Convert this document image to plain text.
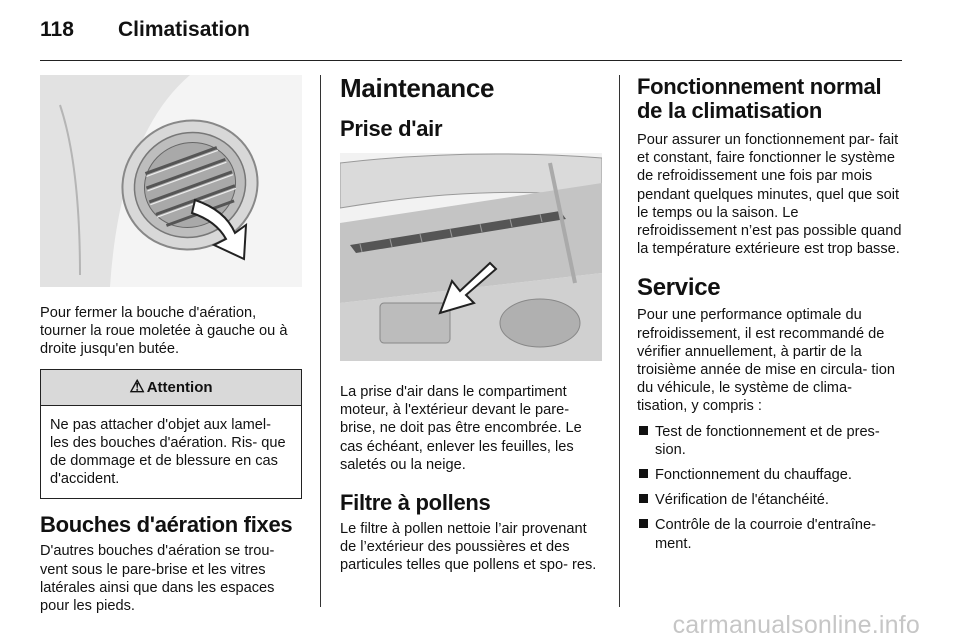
118 Climatisation

Pour fermer la bouche d'aération, tourner la roue moletée à gauche ou à droite jusqu'en butée.

⚠ Attention

Ne pas attacher d'objet aux lamel- les des bouches d'aération. Ris- que de dommage et de blessure en cas d'accident.

Bouches d'aération fixes

D'autres bouches d'aération se trou- vent sous le pare-brise et les vitres latérales ainsi que dans les espaces pour les pieds.

Maintenance
Prise d'air

La prise d'air dans le compartiment moteur, à l'extérieur devant le pare- brise, ne doit pas être encombrée. Le cas échéant, enlever les feuilles, les saletés ou la neige.

Filtre à pollens

Le filtre à pollen nettoie l’air provenant de l’extérieur des poussières et des particules telles que pollens et spo- res.

Fonctionnement normal de la climatisation

Pour assurer un fonctionnement par- fait et constant, faire fonctionner le système de refroidissement une fois par mois pendant quelques minutes, quel que soit le temps ou la saison. Le refroidissement n’est pas possible quand la température extérieure est trop basse.

Service

Pour une performance optimale du refroidissement, il est recommandé de vérifier annuellement, à partir de la troisième année de mise en circula- tion du véhicule, le système de clima- tisation, y compris :

Test de fonctionnement et de pres- sion.
Fonctionnement du chauffage.
Vérification de l'étanchéité.
Contrôle de la courroie d'entraîne- ment.
carmanualsonline.info
